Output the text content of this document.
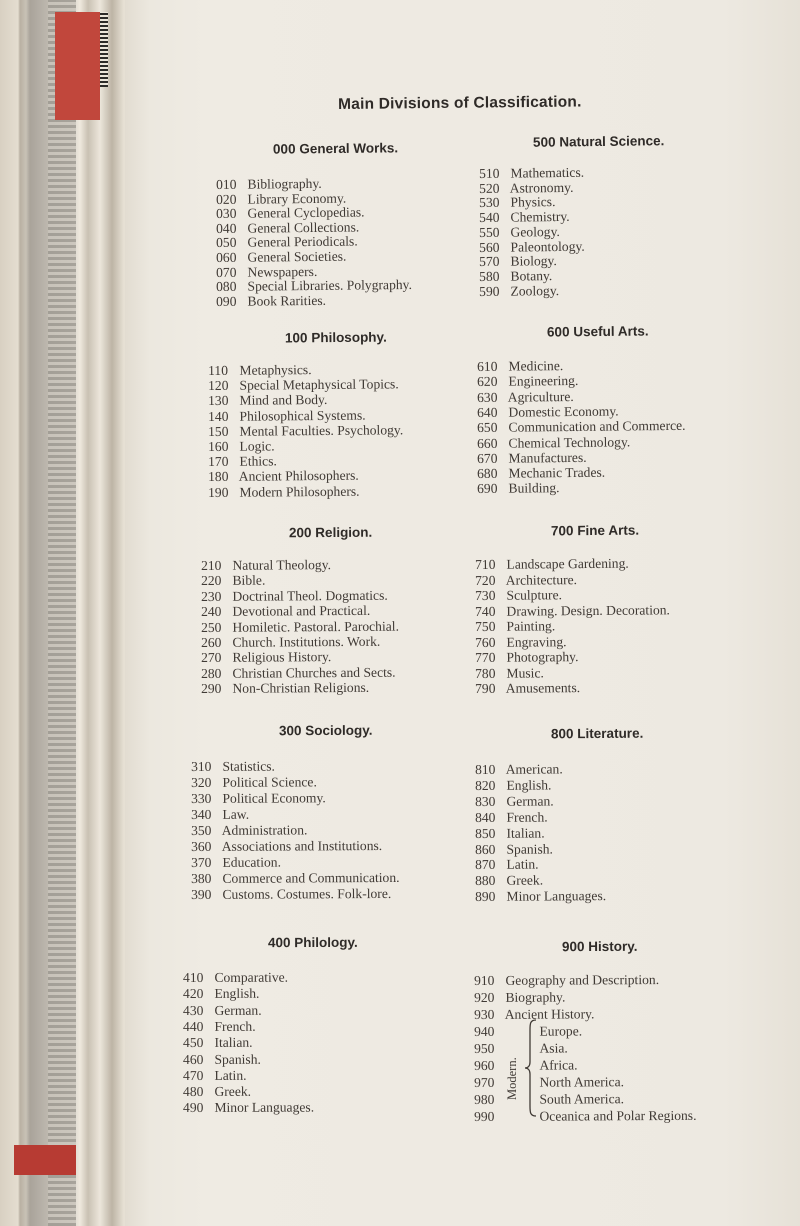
Main Divisions of Classification.
000 General Works.
010 Bibliography.
020 Library Economy.
030 General Cyclopedias.
040 General Collections.
050 General Periodicals.
060 General Societies.
070 Newspapers.
080 Special Libraries. Polygraphy.
090 Book Rarities.
100 Philosophy.
110 Metaphysics.
120 Special Metaphysical Topics.
130 Mind and Body.
140 Philosophical Systems.
150 Mental Faculties. Psychology.
160 Logic.
170 Ethics.
180 Ancient Philosophers.
190 Modern Philosophers.
200 Religion.
210 Natural Theology.
220 Bible.
230 Doctrinal Theol. Dogmatics.
240 Devotional and Practical.
250 Homiletic. Pastoral. Parochial.
260 Church. Institutions. Work.
270 Religious History.
280 Christian Churches and Sects.
290 Non-Christian Religions.
300 Sociology.
310 Statistics.
320 Political Science.
330 Political Economy.
340 Law.
350 Administration.
360 Associations and Institutions.
370 Education.
380 Commerce and Communication.
390 Customs. Costumes. Folk-lore.
400 Philology.
410 Comparative.
420 English.
430 German.
440 French.
450 Italian.
460 Spanish.
470 Latin.
480 Greek.
490 Minor Languages.
500 Natural Science.
510 Mathematics.
520 Astronomy.
530 Physics.
540 Chemistry.
550 Geology.
560 Paleontology.
570 Biology.
580 Botany.
590 Zoology.
600 Useful Arts.
610 Medicine.
620 Engineering.
630 Agriculture.
640 Domestic Economy.
650 Communication and Commerce.
660 Chemical Technology.
670 Manufactures.
680 Mechanic Trades.
690 Building.
700 Fine Arts.
710 Landscape Gardening.
720 Architecture.
730 Sculpture.
740 Drawing. Design. Decoration.
750 Painting.
760 Engraving.
770 Photography.
780 Music.
790 Amusements.
800 Literature.
810 American.
820 English.
830 German.
840 French.
850 Italian.
860 Spanish.
870 Latin.
880 Greek.
890 Minor Languages.
900 History.
910 Geography and Description.
920 Biography.
930 Ancient History.
940	Europe.
950	Asia.
960	Africa.
970	North America.
980	South America.
990	Oceanica and Polar Regions.
Modern.
